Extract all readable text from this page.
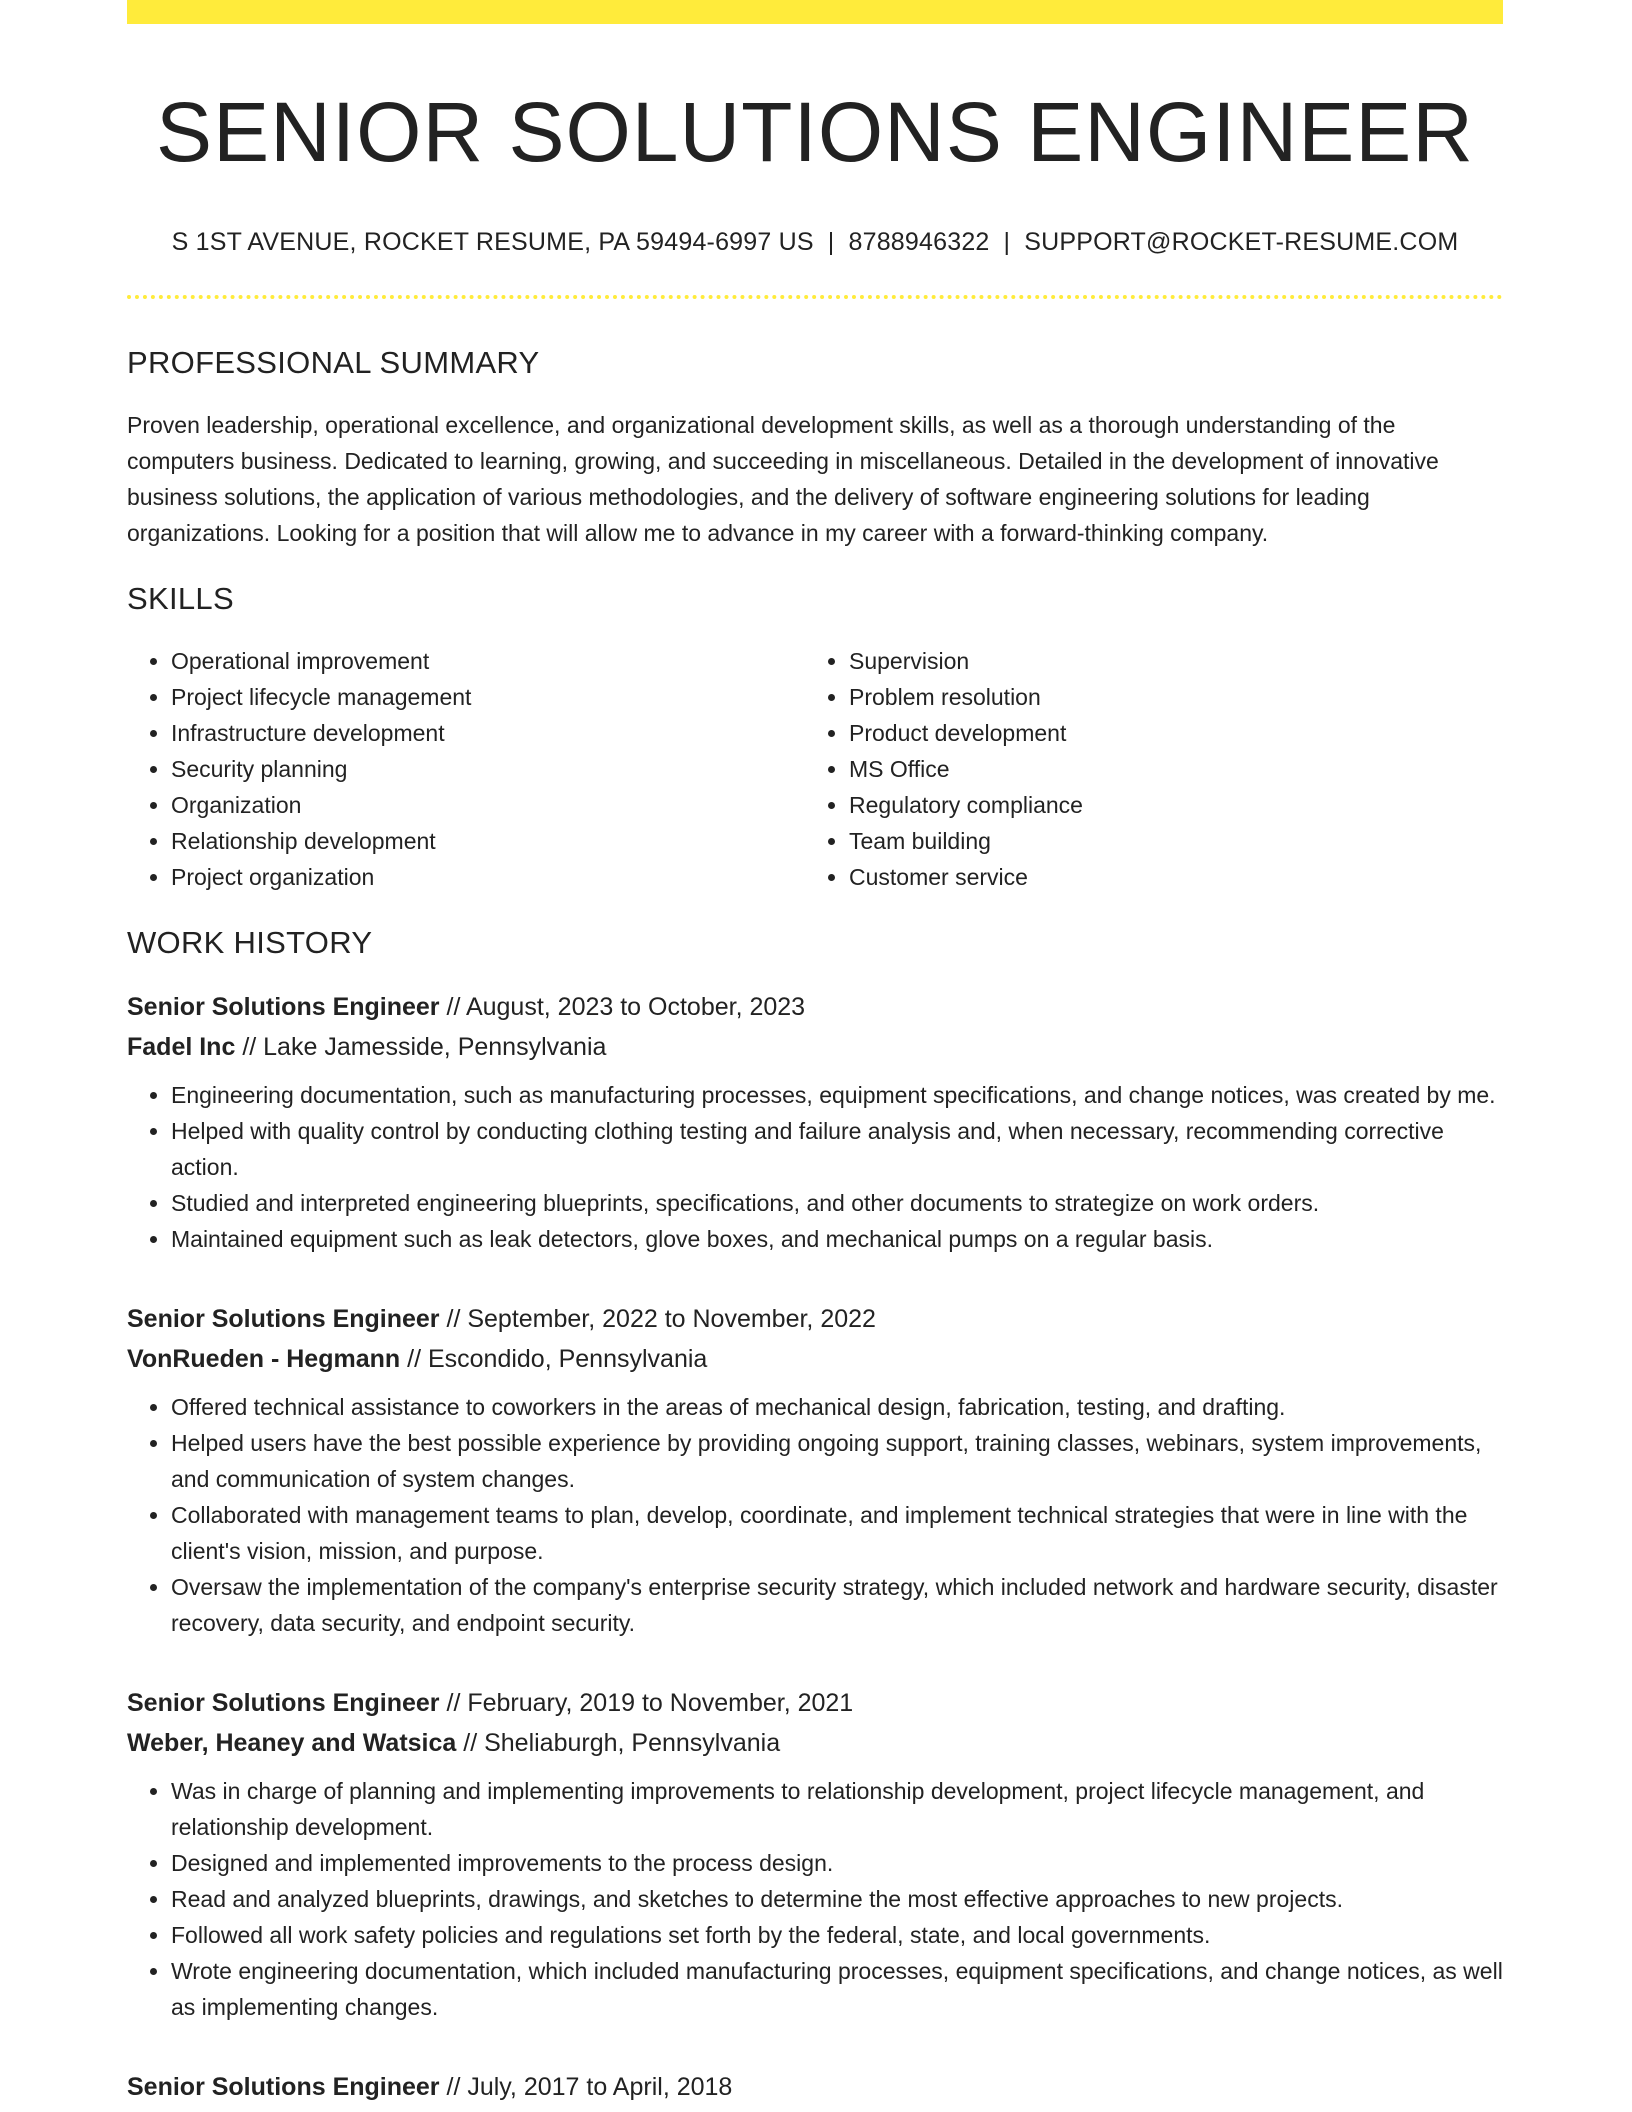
SENIOR SOLUTIONS ENGINEER
S 1ST AVENUE, ROCKET RESUME, PA 59494-6997 US | 8788946322 | SUPPORT@ROCKET-RESUME.COM
PROFESSIONAL SUMMARY

Proven leadership, operational excellence, and organizational development skills, as well as a thorough understanding of the computers business. Dedicated to learning, growing, and succeeding in miscellaneous. Detailed in the development of innovative business solutions, the application of various methodologies, and the delivery of software engineering solutions for leading organizations. Looking for a position that will allow me to advance in my career with a forward-thinking company.

SKILLS
• Operational improvement
• Project lifecycle management
• Infrastructure development
• Security planning
• Organization
• Relationship development
• Project organization
• Supervision
• Problem resolution
• Product development
• MS Office
• Regulatory compliance
• Team building
• Customer service
WORK HISTORY
Senior Solutions Engineer // August, 2023 to October, 2023
Fadel Inc // Lake Jamesside, Pennsylvania
• Engineering documentation, such as manufacturing processes, equipment specifications, and change notices, was created by me.
• Helped with quality control by conducting clothing testing and failure analysis and, when necessary, recommending corrective action.
• Studied and interpreted engineering blueprints, specifications, and other documents to strategize on work orders.
• Maintained equipment such as leak detectors, glove boxes, and mechanical pumps on a regular basis.
Senior Solutions Engineer // September, 2022 to November, 2022
VonRueden - Hegmann // Escondido, Pennsylvania
• Offered technical assistance to coworkers in the areas of mechanical design, fabrication, testing, and drafting.
• Helped users have the best possible experience by providing ongoing support, training classes, webinars, system improvements, and communication of system changes.
• Collaborated with management teams to plan, develop, coordinate, and implement technical strategies that were in line with the client's vision, mission, and purpose.
• Oversaw the implementation of the company's enterprise security strategy, which included network and hardware security, disaster recovery, data security, and endpoint security.
Senior Solutions Engineer // February, 2019 to November, 2021
Weber, Heaney and Watsica // Sheliaburgh, Pennsylvania
• Was in charge of planning and implementing improvements to relationship development, project lifecycle management, and relationship development.
• Designed and implemented improvements to the process design.
• Read and analyzed blueprints, drawings, and sketches to determine the most effective approaches to new projects.
• Followed all work safety policies and regulations set forth by the federal, state, and local governments.
• Wrote engineering documentation, which included manufacturing processes, equipment specifications, and change notices, as well as implementing changes.
Senior Solutions Engineer // July, 2017 to April, 2018
